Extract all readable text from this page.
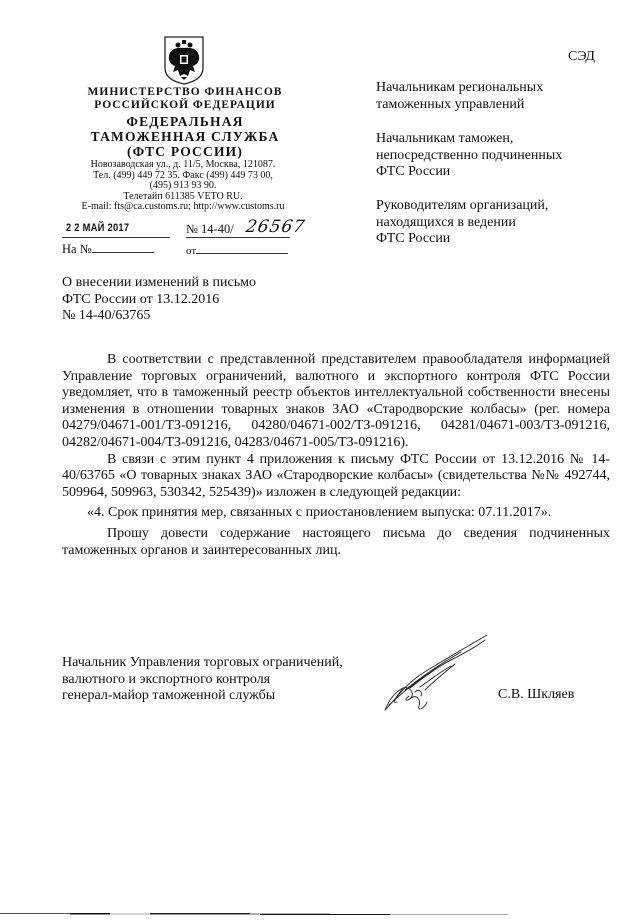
МИНИСТЕРСТВО ФИНАНСОВ
РОССИЙСКОЙ ФЕДЕРАЦИИ
ФЕДЕРАЛЬНАЯ
ТАМОЖЕННАЯ СЛУЖБА
(ФТС РОССИИ)
Новозаводская ул., д. 11/5, Москва, 121087.
Тел. (499) 449 72 35. Факс (499) 449 73 00,
(495) 913 93 90.
Телетайп 611385 VETO RU.
E-mail: fts@ca.customs.ru; http://www.customs.ru
2 2 МАЙ 2017	№ 14-40/ 26567
На №	от
СЭД
Начальникам региональных
таможенных управлений
Начальникам таможен,
непосредственно подчиненных
ФТС России
Руководителям организаций,
находящихся в ведении
ФТС России
О внесении изменений в письмо
ФТС России от 13.12.2016
№ 14-40/63765

В соответствии с представленной представителем правообладателя информацией Управление торговых ограничений, валютного и экспортного контроля ФТС России уведомляет, что в таможенный реестр объектов интеллектуальной собственности внесены изменения в отношении товарных знаков ЗАО «Стародворские колбасы» (рег. номера 04279/04671-001/ТЗ-091216, 04280/04671-002/ТЗ-091216, 04281/04671-003/ТЗ-091216, 04282/04671-004/ТЗ-091216, 04283/04671-005/ТЗ-091216).

В связи с этим пункт 4 приложения к письму ФТС России от 13.12.2016 № 14-40/63765 «О товарных знаках ЗАО «Стародворские колбасы» (свидетельства №№ 492744, 509964, 509963, 530342, 525439)» изложен в следующей редакции:

«4. Срок принятия мер, связанных с приостановлением выпуска: 07.11.2017».

Прошу довести содержание настоящего письма до сведения подчиненных таможенных органов и заинтересованных лиц.

Начальник Управления торговых ограничений,
валютного и экспортного контроля
генерал-майор таможенной службы	С.В. Шкляев
